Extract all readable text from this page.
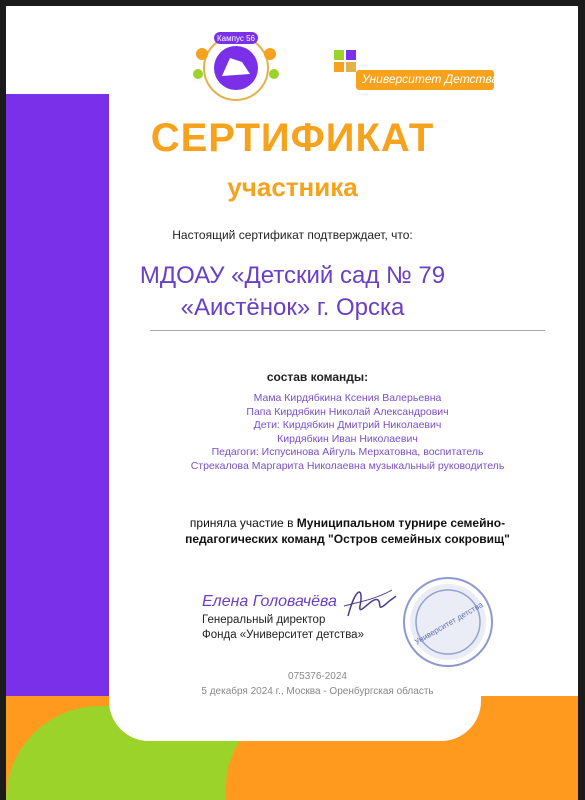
Кампус 56
Университет Детства
СЕРТИФИКАТ
участника
Настоящий сертификат подтверждает, что:
МДОАУ «Детский сад № 79
«Аистёнок» г. Орска
состав команды:
Мама Кирдябкина Ксения Валерьевна
Папа Кирдябкин Николай Александрович
Дети: Кирдябкин Дмитрий Николаевич
Кирдябкин Иван Николаевич
Педагоги: Испусинова Айгуль Мерхатовна, воспитатель
Стрекалова Маргарита Николаевна музыкальный руководитель
приняла участие в Муниципальном турнире семейно-педагогических команд "Остров семейных сокровищ"
Елена Головачёва
Генеральный директор
Фонда «Университет детства»	Университет детства
075376-2024
5 декабря 2024 г., Москва - Оренбургская область
